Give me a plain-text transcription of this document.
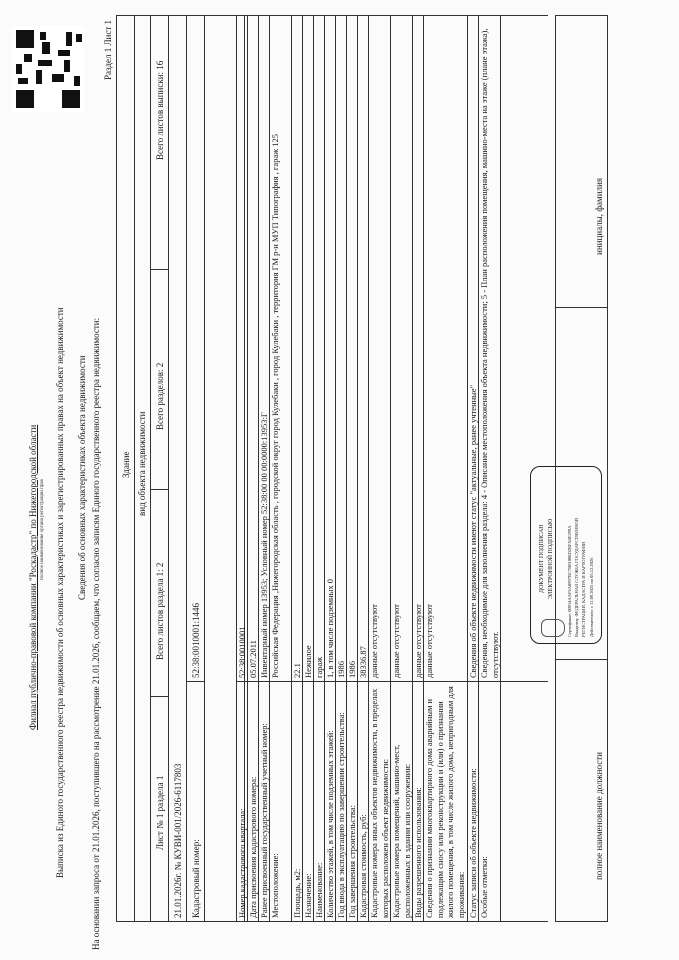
Филиал публично-правовой компании "Роскадастр" по Нижегородской области полное наименование органа регистрации прав Выписка из Единого государственного реестра недвижимости об основных характеристиках и зарегистрированных правах на объект недвижимости Сведения об основных характеристиках объекта недвижимости На основании запроса от 21.01.2026, поступившего на рассмотрение 21.01.2026, сообщаем, что согласно записям Единого государственного реестра недвижимости:
Раздел 1 Лист 1
Здание вид объекта недвижимости
Лист № 1 раздела 1
Всего листов раздела 1: 2
Всего разделов: 2
Всего листов выписки: 16
21.01.2026г. № КУВИ-001/2026-6117803 Кадастровый номер:
52:38:0010001:1446
Номер кадастрового квартала:
52:38:0010001
Дата присвоения кадастрового номера:
05.07.2011
Ранее присвоенный государственный учетный номер:
Инвентарный номер 13953; Условный номер 52:38:00 00 00:0000:13953:Г
Местоположение:
Российская Федерация ,Нижегородская область , городской округ город Кулебаки , город Кулебаки , территория ГМ р-н МУП Типография , гараж 125
Площадь, м2:
22.1
Назначение:
Нежилое
Наименование:
гараж
Количество этажей, в том числе подземных этажей:
1, в том числе подземных 0
Год ввода в эксплуатацию по завершении строительства:
1986
Год завершения строительства:
1986
Кадастровая стоимость, руб:
38336.87
Кадастровые номера иных объектов недвижимости, в пределах которых расположен объект недвижимости:
данные отсутствуют
Кадастровые номера помещений, машино-мест, расположенных в здании или сооружении:
данные отсутствуют
Виды разрешенного использования:
данные отсутствуют
Сведения о признании многоквартирного дома аварийным и подлежащим сносу или реконструкции и (или) о признании жилого помещения, в том числе жилого дома, непригодным для проживания:
данные отсутствуют
Статус записи об объекте недвижимости:
Сведения об объекте недвижимости имеют статус "актуальные, ранее учтенные"
Особые отметки:
Сведения, необходимые для заполнения раздела: 4 - Описание местоположения объекта недвижимости; 5 - План расположения помещения, машино-места на этаже (плане этажа), отсутствуют.
полное наименование должности
инициалы, фамилия
ДОКУМЕНТ ПОДПИСАН ЭЛЕКТРОННОЙ ПОДПИСЬЮ	Сертификат: 00914AAF6A8997BC7B01008D2BFA8E299A Владелец: ФЕДЕРАЛЬНАЯ СЛУЖБА ГОСУДАРСТВЕННОЙ РЕГИСТРАЦИИ, КАДАСТРА И КАРТОГРАФИИ Действителен: с 11.09.2025 по 05.12.2026
